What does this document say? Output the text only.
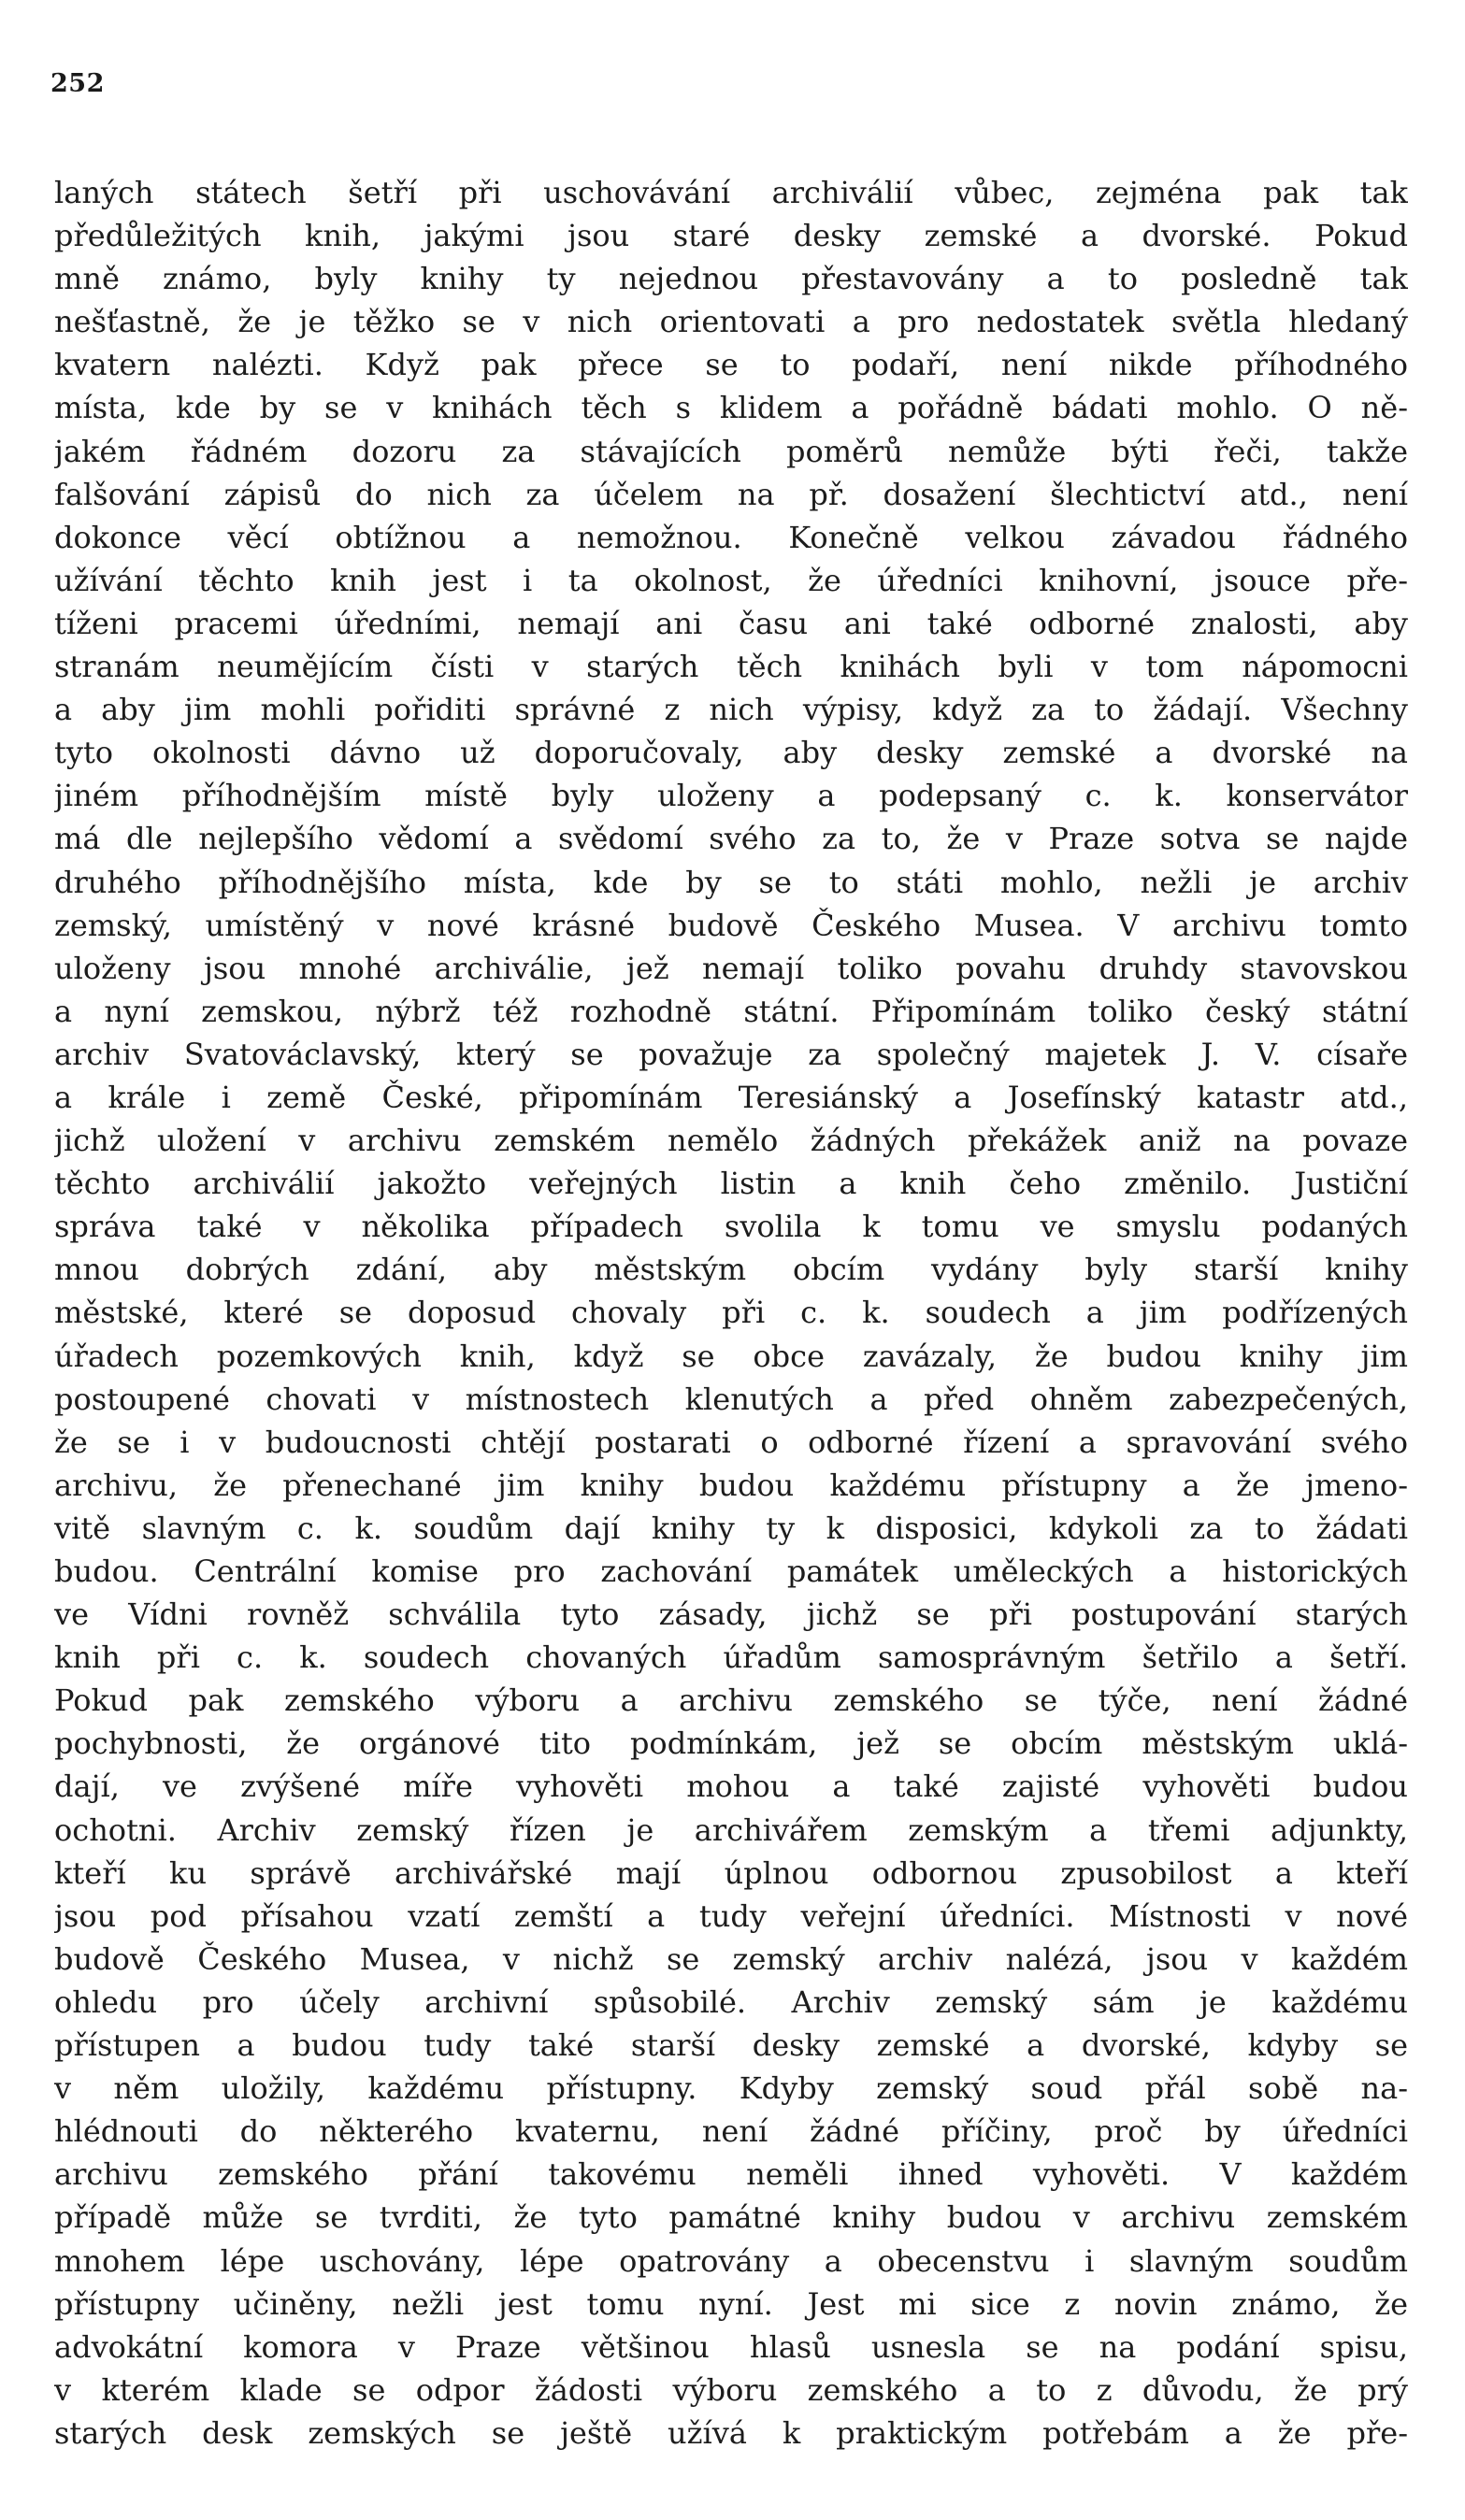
252
laných státech šetří při uschovávání archiválií vůbec, zejména pak tak
předůležitých knih, jakými jsou staré desky zemské a dvorské. Pokud
mně známo, byly knihy ty nejednou přestavovány a to posledně tak
nešťastně, že je těžko se v nich orientovati a pro nedostatek světla hledaný
kvatern nalézti. Když pak přece se to podaří, není nikde příhodného
místa, kde by se v knihách těch s klidem a pořádně bádati mohlo. O ně-
jakém řádném dozoru za stávajících poměrů nemůže býti řeči, takže
falšování zápisů do nich za účelem na př. dosažení šlechtictví atd., není
dokonce věcí obtížnou a nemožnou. Konečně velkou závadou řádného
užívání těchto knih jest i ta okolnost, že úředníci knihovní, jsouce pře-
tíženi pracemi úředními, nemají ani času ani také odborné znalosti, aby
stranám neumějícím čísti v starých těch knihách byli v tom nápomocni
a aby jim mohli pořiditi správné z nich výpisy, když za to žádají. Všechny
tyto okolnosti dávno už doporučovaly, aby desky zemské a dvorské na
jiném příhodnějším místě byly uloženy a podepsaný c. k. konservátor
má dle nejlepšího vědomí a svědomí svého za to, že v Praze sotva se najde
druhého příhodnějšího místa, kde by se to státi mohlo, nežli je archiv
zemský, umístěný v nové krásné budově Českého Musea. V archivu tomto
uloženy jsou mnohé archiválie, jež nemají toliko povahu druhdy stavovskou
a nyní zemskou, nýbrž též rozhodně státní. Připomínám toliko český státní
archiv Svatováclavský, který se považuje za společný majetek J. V. císaře
a krále i země České, připomínám Teresiánský a Josefínský katastr atd.,
jichž uložení v archivu zemském nemělo žádných překážek aniž na povaze
těchto archiválií jakožto veřejných listin a knih čeho změnilo. Justiční
správa také v několika případech svolila k tomu ve smyslu podaných
mnou dobrých zdání, aby městským obcím vydány byly starší knihy
městské, které se doposud chovaly při c. k. soudech a jim podřízených
úřadech pozemkových knih, když se obce zavázaly, že budou knihy jim
postoupené chovati v místnostech klenutých a před ohněm zabezpečených,
že se i v budoucnosti chtějí postarati o odborné řízení a spravování svého
archivu, že přenechané jim knihy budou každému přístupny a že jmeno-
vitě slavným c. k. soudům dají knihy ty k disposici, kdykoli za to žádati
budou. Centrální komise pro zachování památek uměleckých a historických
ve Vídni rovněž schválila tyto zásady, jichž se při postupování starých
knih při c. k. soudech chovaných úřadům samosprávným šetřilo a šetří.
Pokud pak zemského výboru a archivu zemského se týče, není žádné
pochybnosti, že orgánové tito podmínkám, jež se obcím městským uklá-
dají, ve zvýšené míře vyhověti mohou a také zajisté vyhověti budou
ochotni. Archiv zemský řízen je archivářem zemským a třemi adjunkty,
kteří ku správě archivářské mají úplnou odbornou zpusobilost a kteří
jsou pod přísahou vzatí zemští a tudy veřejní úředníci. Místnosti v nové
budově Českého Musea, v nichž se zemský archiv nalézá, jsou v každém
ohledu pro účely archivní spůsobilé. Archiv zemský sám je každému
přístupen a budou tudy také starší desky zemské a dvorské, kdyby se
v něm uložily, každému přístupny. Kdyby zemský soud přál sobě na-
hlédnouti do některého kvaternu, není žádné příčiny, proč by úředníci
archivu zemského přání takovému neměli ihned vyhověti. V každém
případě může se tvrditi, že tyto památné knihy budou v archivu zemském
mnohem lépe uschovány, lépe opatrovány a obecenstvu i slavným soudům
přístupny učiněny, nežli jest tomu nyní. Jest mi sice z novin známo, že
advokátní komora v Praze většinou hlasů usnesla se na podání spisu,
v kterém klade se odpor žádosti výboru zemského a to z důvodu, že prý
starých desk zemských se ještě užívá k praktickým potřebám a že pře-
